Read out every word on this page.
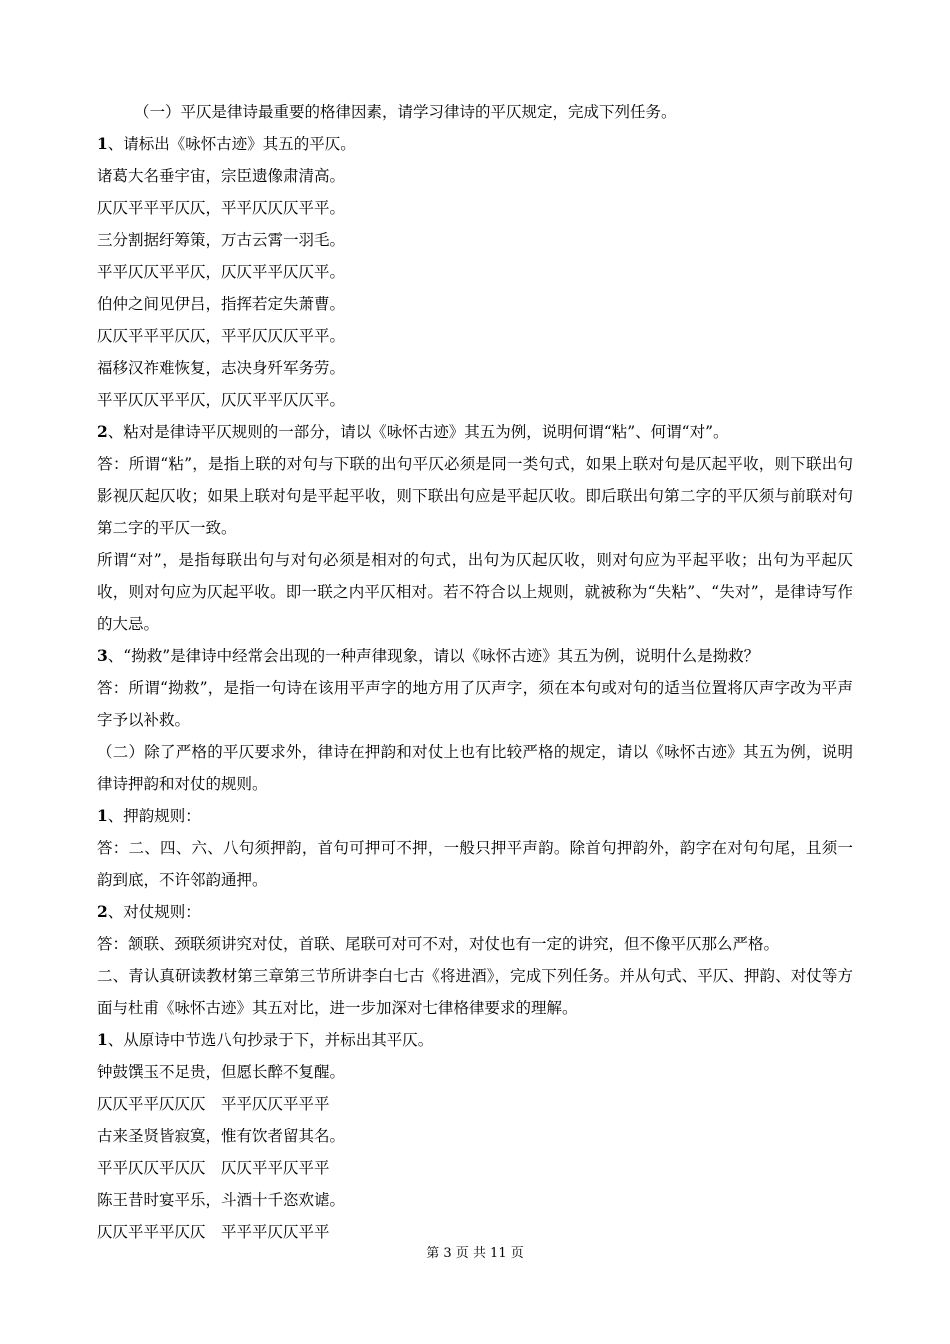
（一）平仄是律诗最重要的格律因素，请学习律诗的平仄规定，完成下列任务。

1、请标出《咏怀古迹》其五的平仄。

诸葛大名垂宇宙，宗臣遗像肃清高。

仄仄平平平仄仄，平平仄仄仄平平。

三分割据纡筹策，万古云霄一羽毛。

平平仄仄平平仄，仄仄平平仄仄平。

伯仲之间见伊吕，指挥若定失萧曹。

仄仄平平平仄仄，平平仄仄仄平平。

福移汉祚难恢复，志决身歼军务劳。

平平仄仄平平仄，仄仄平平仄仄平。

2、粘对是律诗平仄规则的一部分，请以《咏怀古迹》其五为例，说明何谓“粘”、何谓“对”。

答：所谓“粘”，是指上联的对句与下联的出句平仄必须是同一类句式，如果上联对句是仄起平收，则下联出句影视仄起仄收；如果上联对句是平起平收，则下联出句应是平起仄收。即后联出句第二字的平仄须与前联对句第二字的平仄一致。

所谓“对”，是指每联出句与对句必须是相对的句式，出句为仄起仄收，则对句应为平起平收；出句为平起仄收，则对句应为仄起平收。即一联之内平仄相对。若不符合以上规则，就被称为“失粘”、“失对”，是律诗写作的大忌。

3、“拗救”是律诗中经常会出现的一种声律现象，请以《咏怀古迹》其五为例，说明什么是拗救？

答：所谓“拗救”，是指一句诗在该用平声字的地方用了仄声字，须在本句或对句的适当位置将仄声字改为平声字予以补救。

（二）除了严格的平仄要求外，律诗在押韵和对仗上也有比较严格的规定，请以《咏怀古迹》其五为例，说明律诗押韵和对仗的规则。

1、押韵规则：

答：二、四、六、八句须押韵，首句可押可不押，一般只押平声韵。除首句押韵外，韵字在对句句尾，且须一韵到底，不许邻韵通押。

2、对仗规则：

答：颔联、颈联须讲究对仗，首联、尾联可对可不对，对仗也有一定的讲究，但不像平仄那么严格。

二、青认真研读教材第三章第三节所讲李白七古《将进酒》，完成下列任务。并从句式、平仄、押韵、对仗等方面与杜甫《咏怀古迹》其五对比，进一步加深对七律格律要求的理解。

1、从原诗中节选八句抄录于下，并标出其平仄。

钟鼓馔玉不足贵，但愿长醉不复醒。

仄仄平平仄仄仄　平平仄仄平平平

古来圣贤皆寂寞，惟有饮者留其名。

平平仄仄平仄仄　仄仄平平仄平平

陈王昔时宴平乐，斗酒十千恣欢谑。

仄仄平平平仄仄　平平平仄仄平平

第 3 页 共 11 页
